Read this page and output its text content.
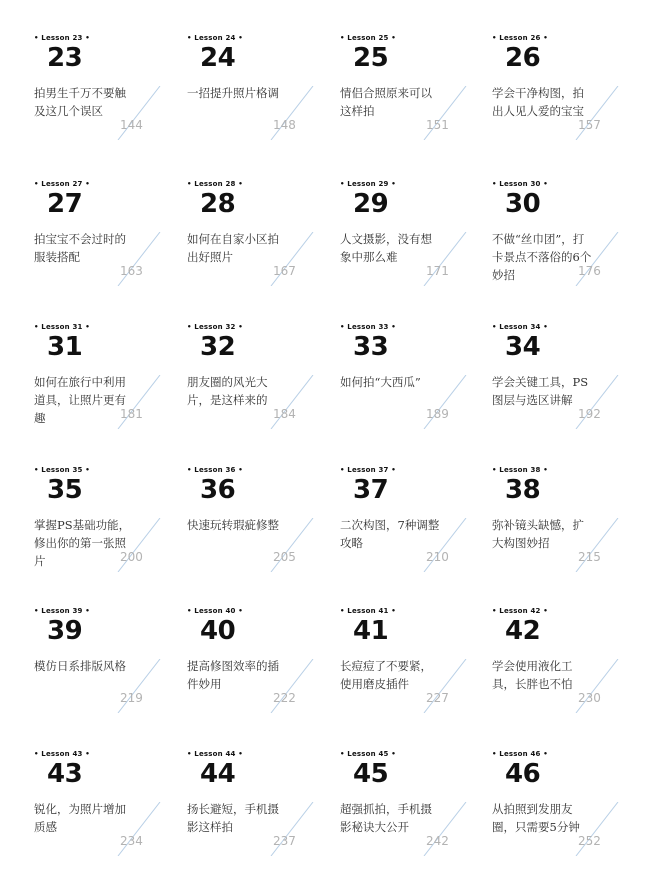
• Lesson 23 •
23
拍男生千万不要触及这几个误区
144
• Lesson 24 •
24
一招提升照片格调
148
• Lesson 25 •
25
情侣合照原来可以这样拍
151
• Lesson 26 •
26
学会干净构图，拍出人见人爱的宝宝
157
• Lesson 27 •
27
拍宝宝不会过时的服装搭配
163
• Lesson 28 •
28
如何在自家小区拍出好照片
167
• Lesson 29 •
29
人文摄影，没有想象中那么难
171
• Lesson 30 •
30
不做“丝巾团”，打卡景点不落俗的6个妙招	176
• Lesson 31 •
31
如何在旅行中利用道具，让照片更有趣	181
• Lesson 32 •
32
朋友圈的风光大片，是这样来的
184
• Lesson 33 •
33
如何拍“大西瓜”
189
• Lesson 34 •
34
学会关键工具，PS图层与选区讲解
192
• Lesson 35 •
35
掌握PS基础功能，修出你的第一张照片	200
• Lesson 36 •
36
快速玩转瑕疵修整
205
• Lesson 37 •
37
二次构图，7种调整攻略
210
• Lesson 38 •
38
弥补镜头缺憾，扩大构图妙招
215
• Lesson 39 •
39
模仿日系排版风格
219
• Lesson 40 •
40
提高修图效率的插件妙用
222
• Lesson 41 •
41
长痘痘了不要紧，使用磨皮插件
227
• Lesson 42 •
42
学会使用液化工具，长胖也不怕
230
• Lesson 43 •
43
锐化，为照片增加质感
234
• Lesson 44 •
44
扬长避短，手机摄影这样拍
237
• Lesson 45 •
45
超强抓拍，手机摄影秘诀大公开
242
• Lesson 46 •
46
从拍照到发朋友圈，只需要5分钟
252
